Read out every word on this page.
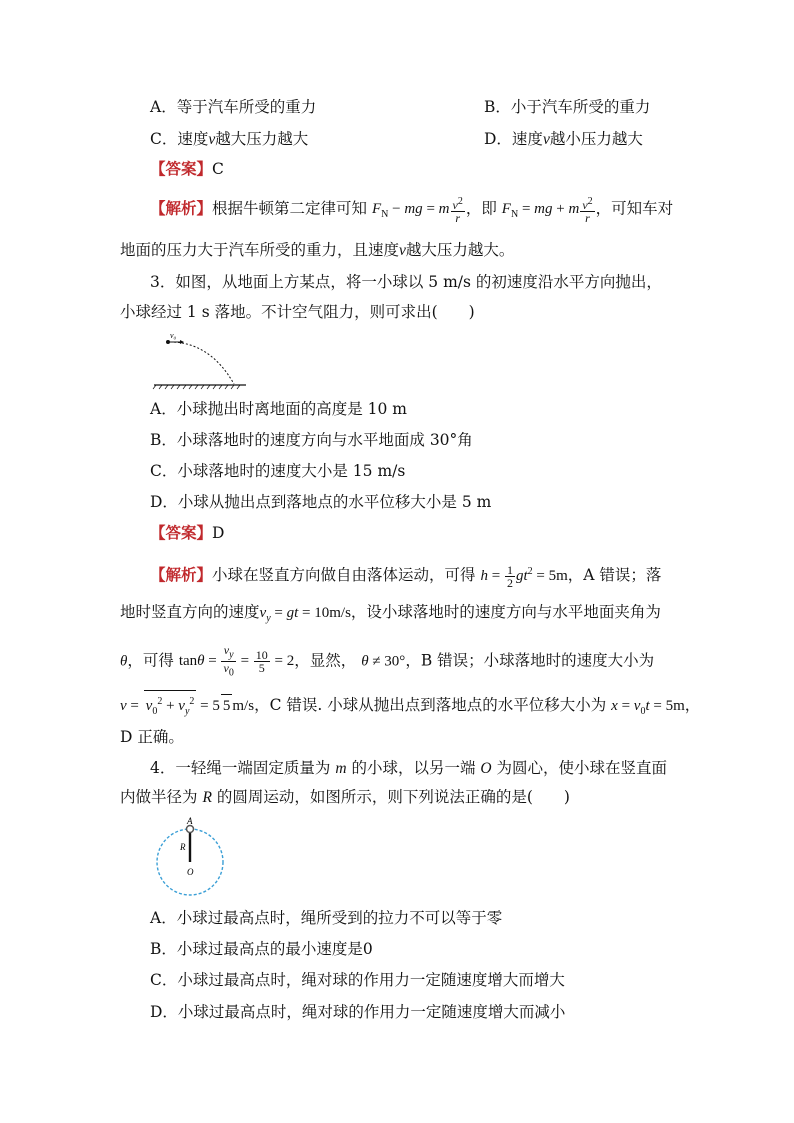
A．等于汽车所受的重力	B．小于汽车所受的重力
C．速度v越大压力越大	D．速度v越小压力越大
【答案】C
【解析】根据牛顿第二定律可知 $F_N$ − mg = m $\frac{v^2}{r}$ ，即 $F_N$ = mg + m $\frac{v^2}{r}$ ，可知车对
地面的压力大于汽车所受的重力，且速度v越大压力越大。
3．如图，从地面上方某点，将一小球以 5 m/s 的初速度沿水平方向抛出，
小球经过 1 s 落地。不计空气阻力，则可求出(　　)
v₀
A．小球抛出时离地面的高度是 10 m
B．小球落地时的速度方向与水平地面成 30°角
C．小球落地时的速度大小是 15 m/s
D．小球从抛出点到落地点的水平位移大小是 5 m
【答案】D
【解析】小球在竖直方向做自由落体运动，可得 $h = \frac{1}{2} gt^2 = 5m$，A 错误；落
地时竖直方向的速度$v_y$ = gt = 10m/s，设小球落地时的速度方向与水平地面夹角为
θ，可得 $\tan\theta = \frac{v_y}{v_0} = \frac{10}{5} = 2$，显然， θ ≠ 30°，B 错误；小球落地时的速度大小为
$v = v_0^2 + v_y^2 = 5$ 5 m/s，C 错误. 小球从抛出点到落地点的水平位移大小为 $x = v_0t = 5m$，
D 正确。
4．一轻绳一端固定质量为 m 的小球，以另一端 O 为圆心，使小球在竖直面
内做半径为 R 的圆周运动，如图所示，则下列说法正确的是(　　)
A
R
O
A．小球过最高点时，绳所受到的拉力不可以等于零
B．小球过最高点的最小速度是0
C．小球过最高点时，绳对球的作用力一定随速度增大而增大
D．小球过最高点时，绳对球的作用力一定随速度增大而减小
